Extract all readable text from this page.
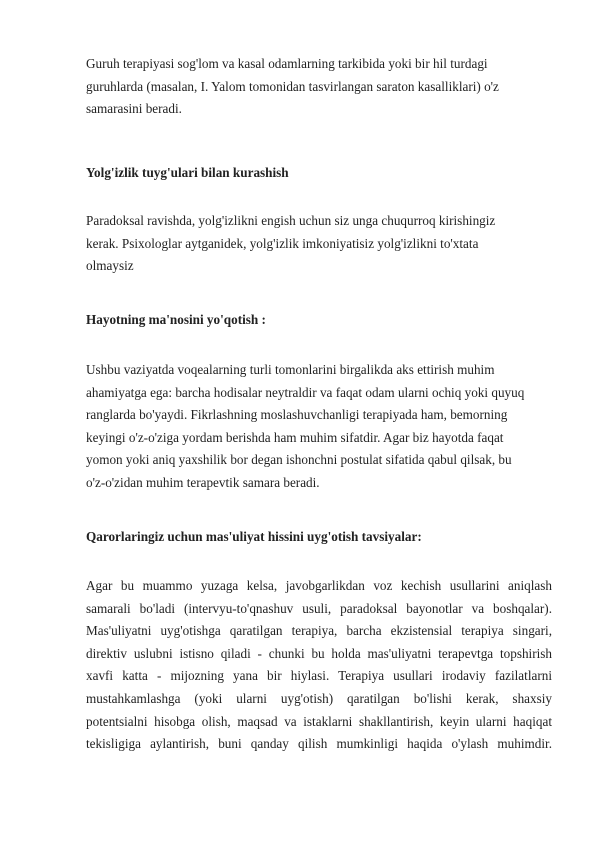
Guruh terapiyasi sog'lom va kasal odamlarning tarkibida yoki bir hil turdagi
guruhlarda (masalan, I. Yalom tomonidan tasvirlangan saraton kasalliklari) o'z
samarasini beradi.
Yolg'izlik tuyg'ulari bilan kurashish
Paradoksal ravishda, yolg'izlikni engish uchun siz unga chuqurroq kirishingiz
kerak. Psixologlar aytganidek, yolg'izlik imkoniyatisiz yolg'izlikni to'xtata
olmaysiz
Hayotning ma'nosini yo'qotish :
Ushbu vaziyatda voqealarning turli tomonlarini birgalikda aks ettirish muhim
ahamiyatga ega: barcha hodisalar neytraldir va faqat odam ularni ochiq yoki quyuq
ranglarda bo'yaydi. Fikrlashning moslashuvchanligi terapiyada ham, bemorning
keyingi o'z-o'ziga yordam berishda ham muhim sifatdir. Agar biz hayotda faqat
yomon yoki aniq yaxshilik bor degan ishonchni postulat sifatida qabul qilsak, bu
o'z-o'zidan muhim terapevtik samara beradi.
Qarorlaringiz uchun mas'uliyat hissini uyg'otish tavsiyalar:
Agar bu muammo yuzaga kelsa, javobgarlikdan voz kechish usullarini aniqlash
samarali bo'ladi (intervyu-to'qnashuv usuli, paradoksal bayonotlar va boshqalar).
Mas'uliyatni uyg'otishga qaratilgan terapiya, barcha ekzistensial terapiya singari,
direktiv uslubni istisno qiladi - chunki bu holda mas'uliyatni terapevtga topshirish
xavfi katta - mijozning yana bir hiylasi. Terapiya usullari irodaviy fazilatlarni
mustahkamlashga (yoki ularni uyg'otish) qaratilgan bo'lishi kerak, shaxsiy
potentsialni hisobga olish, maqsad va istaklarni shakllantirish, keyin ularni haqiqat
tekisligiga aylantirish, buni qanday qilish mumkinligi haqida o'ylash muhimdir.
